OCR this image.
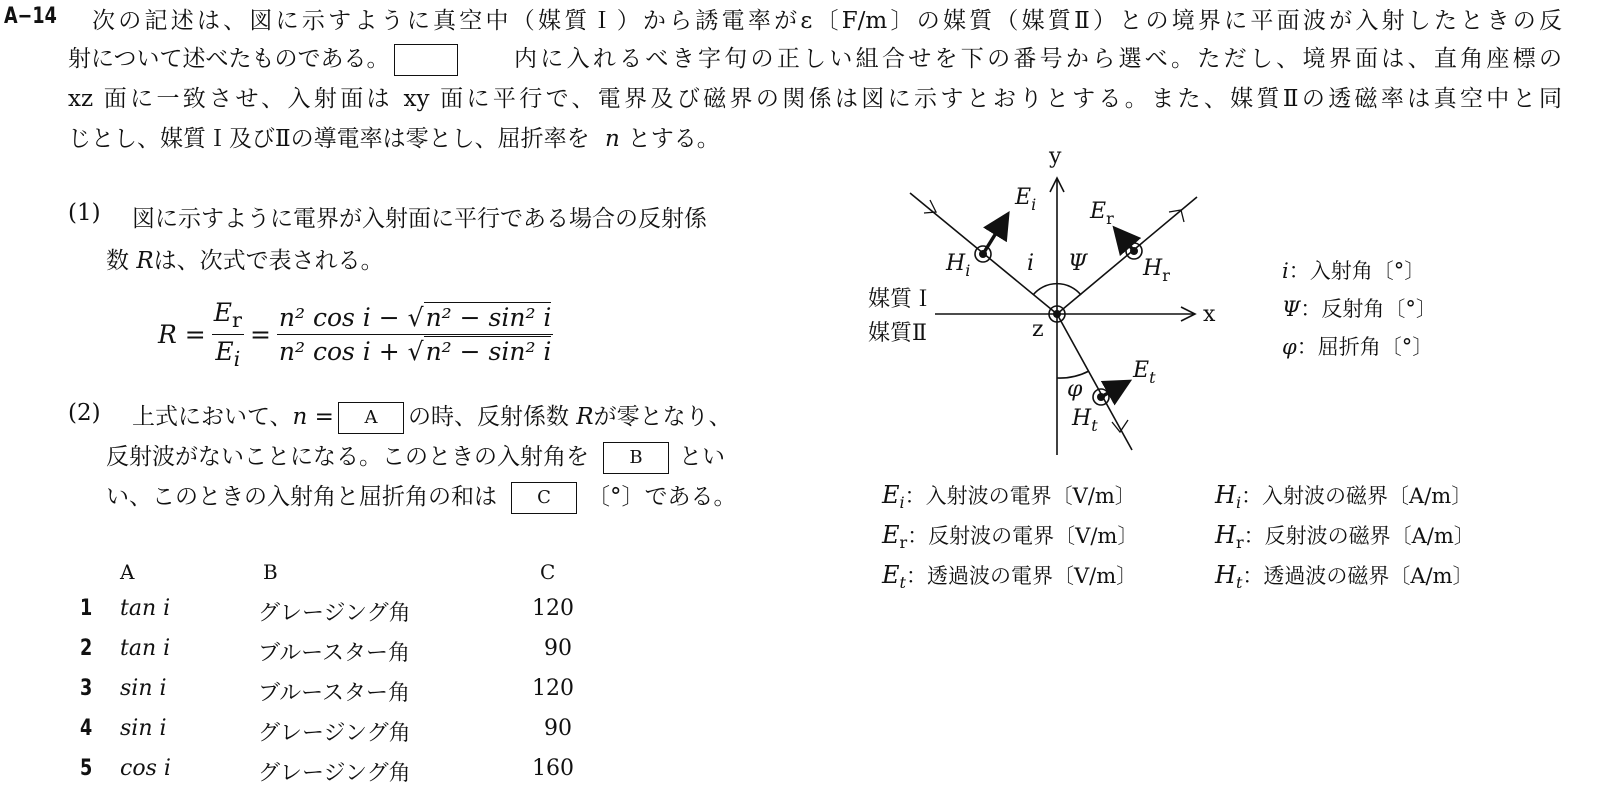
A−14 次の記述は、図に示すように真空中（媒質Ｉ）から誘電率がε〔F/m〕の媒質（媒質Ⅱ）との境界に平面波が入射したときの反
射について述べたものである。	内に入れるべき字句の正しい組合せを下の番号から選べ。ただし、境界面は、直角座標の
xz 面に一致させ、入射面は xy 面に平行で、電界及び磁界の関係は図に示すとおりとする。また、媒質Ⅱの透磁率は真空中と同
じとし、媒質Ｉ及びⅡの導電率は零とし、屈折率を n とする。
(1) 図に示すように電界が入射面に平行である場合の反射係
数 Rは、次式で表される。
$R = \frac{E_r}{E_i} = \frac{\text{n² cos i − √n² − sin² i}}{\text{n² cos i + √n² − sin² i}}$
(2) 上式において、n = A の時、反射係数 Rが零となり、
反射波がないことになる。このときの入射角を B とい
い、このときの入射角と屈折角の和は C 〔°〕である。
A	B	C
1 tan i	グレージング角	120
2 tan i	ブルースター角	90
3 sin i	ブルースター角	120
4 sin i	グレージング角	90
5 cos i	グレージング角	160
y
x
z
媒質Ｉ
媒質Ⅱ
$E_i$ $E_r$
$E_t$
$H_i$	$H_r$
$H_t$
i Ψ
φ
i：入射角〔°〕
Ψ：反射角〔°〕
φ：屈折角〔°〕
$E_i$：入射波の電界〔V/m〕
$E_r$：反射波の電界〔V/m〕
$E_t$：透過波の電界〔V/m〕
$H_i$：入射波の磁界〔A/m〕
$H_r$：反射波の磁界〔A/m〕
$H_t$：透過波の磁界〔A/m〕
